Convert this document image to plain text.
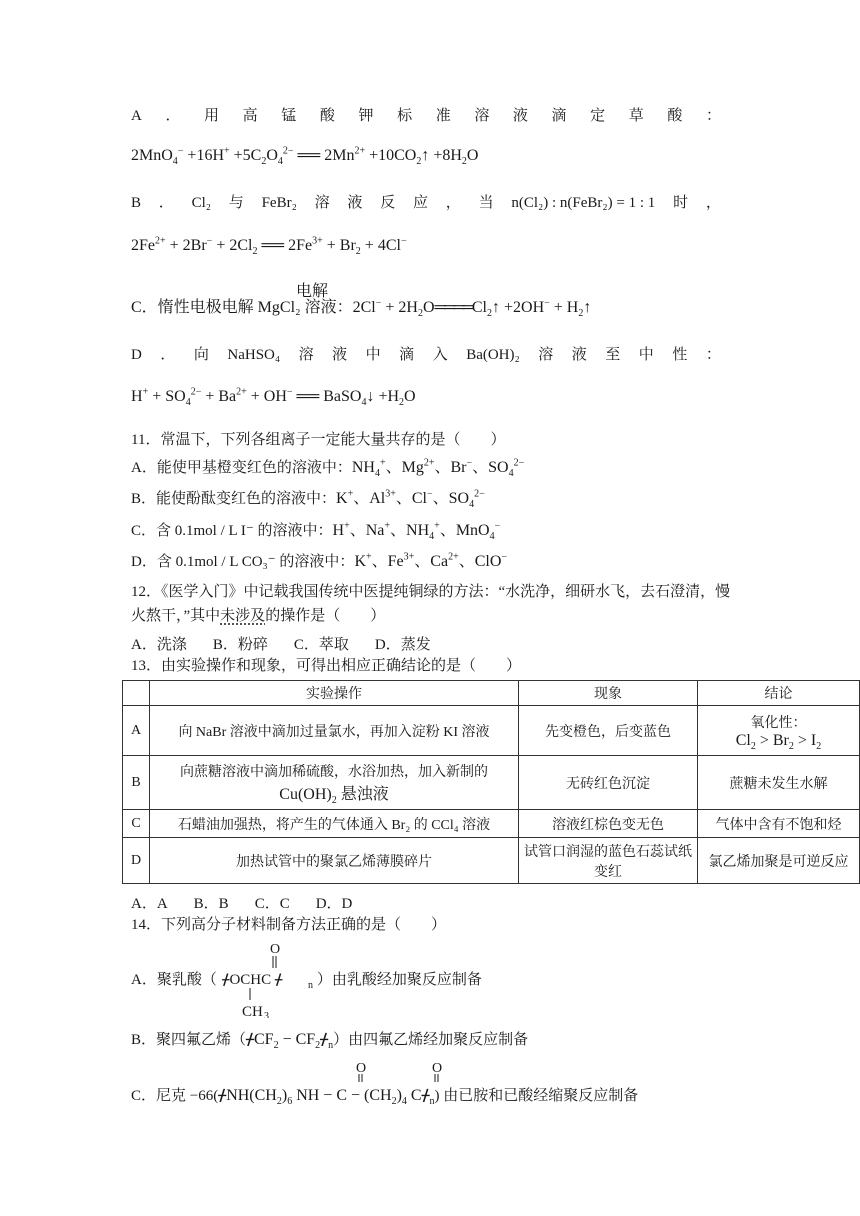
A ． 用 高 锰 酸 钾 标 准 溶 液 滴 定 草 酸 ：
$2MnO_4^- +16H^+ +5C_2O_4^{2-}$ ══ $2Mn^{2+}$ $+10CO_2↑ +8H_2O$
B ． Cl₂ 与 FeBr₂ 溶 液 反 应 ， 当 n(Cl₂) : n(FeBr₂) = 1 : 1 时 ，
$2Fe^{2+} + 2Br^- + 2Cl_2$ ══ $2Fe^{3+} + Br_2 + 4Cl^-$
电解
C．惰性电极电解 MgCl₂ 溶液：$2Cl^- + 2H_2O════Cl_2↑ +2OH^-$ + $H_2↑$
D ． 向 NaHSO₄ 溶 液 中 滴 入 Ba(OH)₂ 溶 液 至 中 性 ：
$H^+ + SO_4^{2-} + Ba^{2+} + OH^-$ ══ BaSO$_4$↓ $+H_2O$
11．常温下，下列各组离子一定能大量共存的是（　　）
A．能使甲基橙变红色的溶液中：$NH_4^+$、$Mg^{2+}$、Br−、$SO_4^{2-}$
B．能使酚酞变红色的溶液中：K+、$Al^{3+}$、Cl−、$SO_4^{2-}$
C．含 0.1mol / L I⁻ 的溶液中：H+、Na+、$NH_4^+$、MnO$_4$−
D．含 0.1mol / L CO₃⁻ 的溶液中：K+、$Fe^{3+}$、$Ca^{2+}$、ClO−
12．《医学入门》中记载我国传统中医提纯铜绿的方法：“水洗净，细研水飞，去石澄清，慢
火熬干，”其中未涉及的操作是（　　）
A．洗涤 B．粉碎 C．萃取 D．蒸发
13．由实验操作和现象，可得出相应正确结论的是（　　）
	实验操作	现象	结论
A	向 NaBr 溶液中滴加过量氯水，再加入淀粉 KI 溶液	先变橙色，后变蓝色	氧化性：
$Cl_2 > Br_2 > I_2$

B	向蔗糖溶液中滴加稀硫酸，水浴加热，加入新制的
$Cu(OH)_2$ 悬浊液	无砖红色沉淀	蔗糖未发生水解
C	石蜡油加强热，将产生的气体通入 Br₂ 的 CCl₄ 溶液	溶液红棕色变无色	气体中含有不饱和烃
D	加热试管中的聚氯乙烯薄膜碎片	试管口润湿的蓝色石蕊试纸变红	氯乙烯加聚是可逆反应
A．A B．B C．C D．D
14．下列高分子材料制备方法正确的是（　　）
A．聚乳酸（	）由乳酸经加聚反应制备
O
ᚋOCHC ᚋ	n
CH 3
B．聚四氟乙烯（ᚋCF$_2$ − $CF_2ᚋ_n$）由四氟乙烯经加聚反应制备
O	O
C．尼克 $-66(ᚋNH(CH_2)_6$ NH − $C - (CH_2)_4$ Cᚋ$_n$) 由已胺和已酸经缩聚反应制备
